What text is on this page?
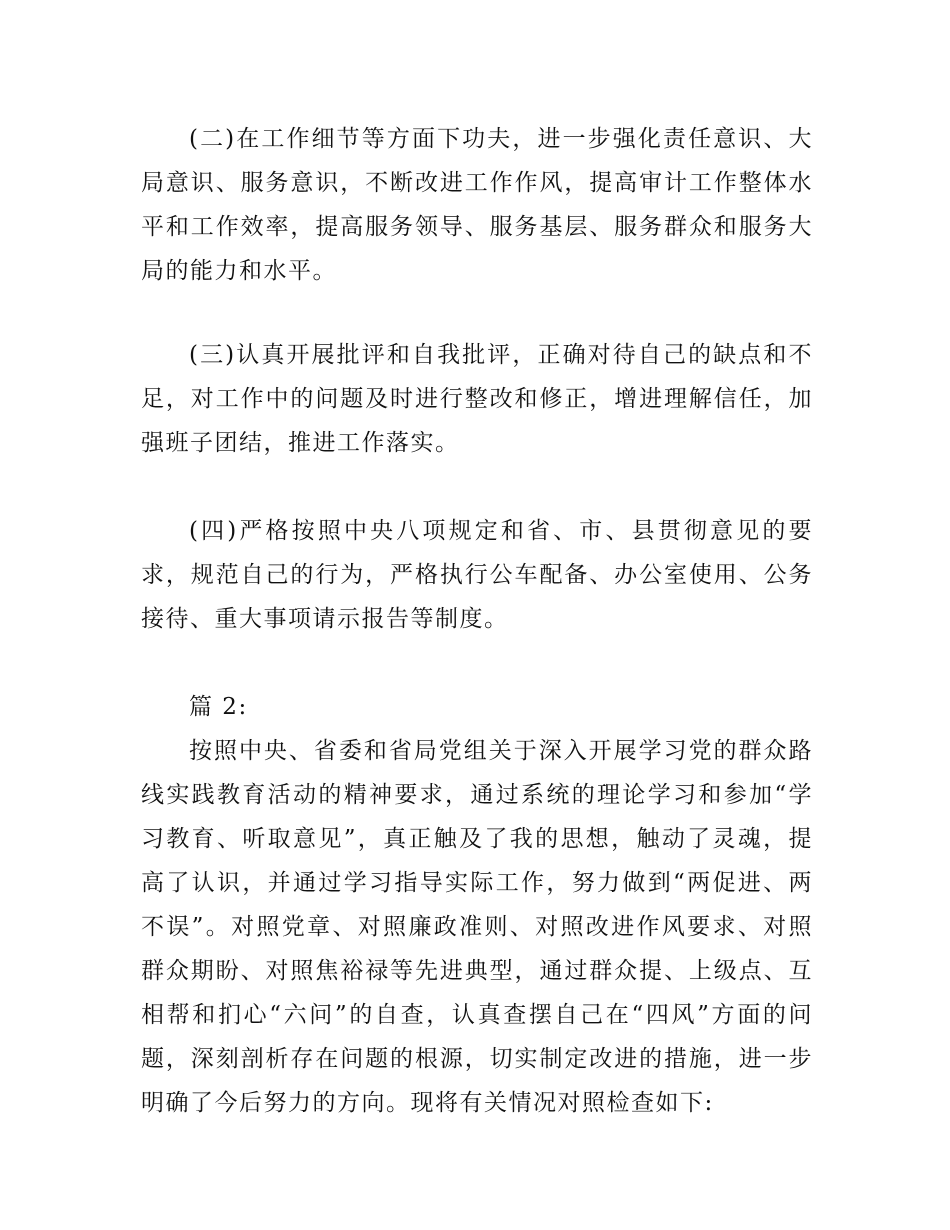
(二)在工作细节等方面下功夫，进一步强化责任意识、大局意识、服务意识，不断改进工作作风，提高审计工作整体水平和工作效率，提高服务领导、服务基层、服务群众和服务大局的能力和水平。

(三)认真开展批评和自我批评，正确对待自己的缺点和不足，对工作中的问题及时进行整改和修正，增进理解信任，加强班子团结，推进工作落实。

(四)严格按照中央八项规定和省、市、县贯彻意见的要求，规范自己的行为，严格执行公车配备、办公室使用、公务接待、重大事项请示报告等制度。

篇 2:

按照中央、省委和省局党组关于深入开展学习党的群众路线实践教育活动的精神要求，通过系统的理论学习和参加“学习教育、听取意见”，真正触及了我的思想，触动了灵魂，提高了认识，并通过学习指导实际工作，努力做到“两促进、两不误”。对照党章、对照廉政准则、对照改进作风要求、对照群众期盼、对照焦裕禄等先进典型，通过群众提、上级点、互相帮和扪心“六问”的自查，认真查摆自己在“四风”方面的问题，深刻剖析存在问题的根源，切实制定改进的措施，进一步明确了今后努力的方向。现将有关情况对照检查如下:
